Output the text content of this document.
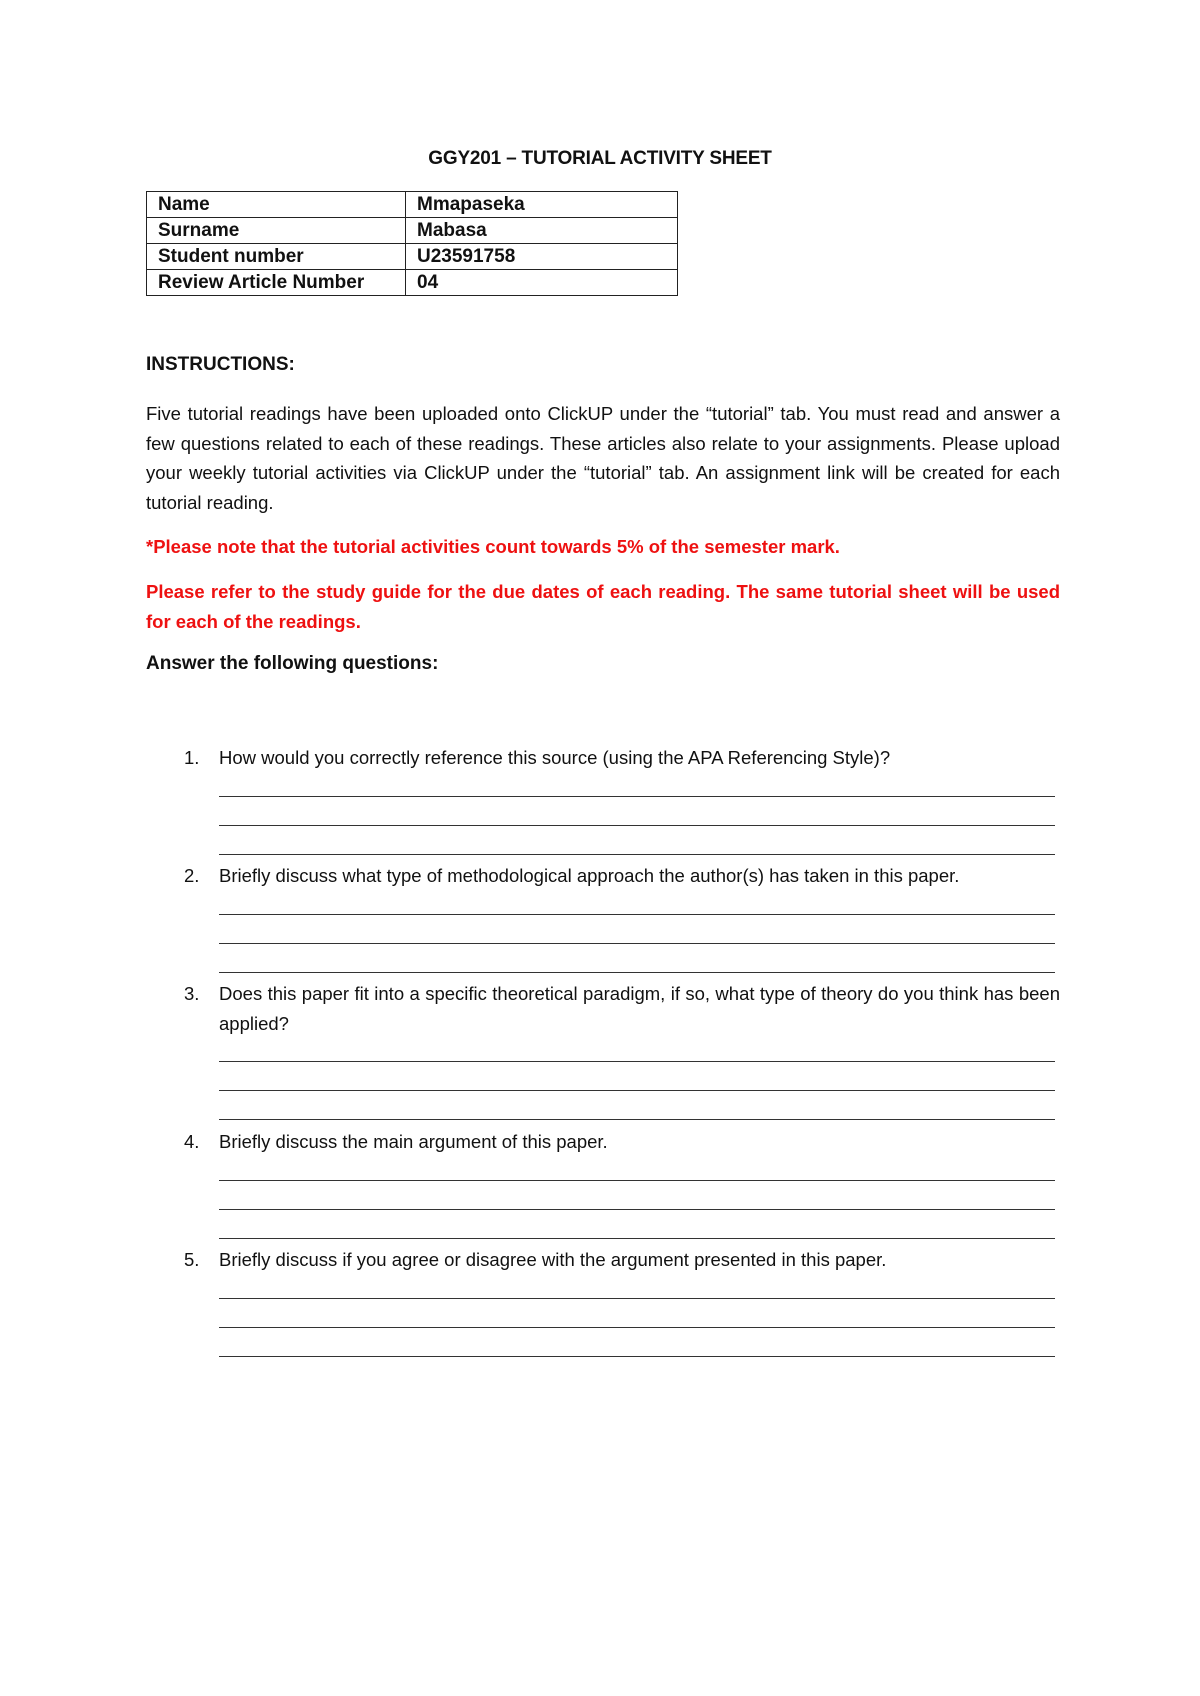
GGY201 – TUTORIAL ACTIVITY SHEET
Name	Mmapaseka
Surname	Mabasa
Student number	U23591758
Review Article Number	04
INSTRUCTIONS:
Five tutorial readings have been uploaded onto ClickUP under the “tutorial” tab. You must read and answer a few questions related to each of these readings. These articles also relate to your assignments. Please upload your weekly tutorial activities via ClickUP under the “tutorial” tab. An assignment link will be created for each tutorial reading.
*Please note that the tutorial activities count towards 5% of the semester mark.
Please refer to the study guide for the due dates of each reading. The same tutorial sheet will be used for each of the readings.
Answer the following questions:
1. How would you correctly reference this source (using the APA Referencing Style)?
2. Briefly discuss what type of methodological approach the author(s) has taken in this paper.
3. Does this paper fit into a specific theoretical paradigm, if so, what type of theory do you think has been applied?
4. Briefly discuss the main argument of this paper.
5. Briefly discuss if you agree or disagree with the argument presented in this paper.
